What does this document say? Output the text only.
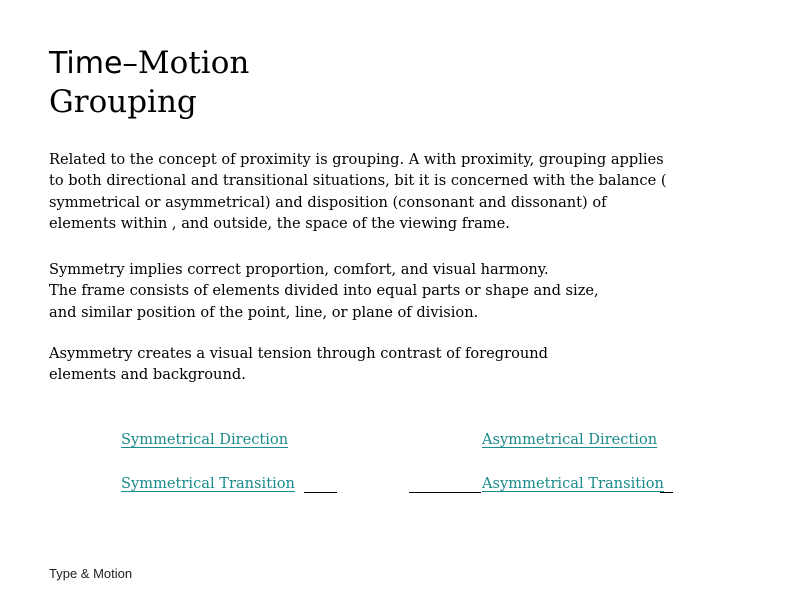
Time–Motion
Grouping

Related to the concept of proximity is grouping. A with proximity, grouping applies
to both directional and transitional situations, bit it is concerned with the balance (
symmetrical or asymmetrical) and disposition (consonant and dissonant) of
elements within , and outside, the space of the viewing frame.

Symmetry implies correct proportion, comfort, and visual harmony.
The frame consists of elements divided into equal parts or shape and size,
and similar position of the point, line, or plane of division.

Asymmetry creates a visual tension through contrast of foreground
elements and background.

Symmetrical Direction	Asymmetrical Direction
Symmetrical Transition	Asymmetrical Transition
Type & Motion
